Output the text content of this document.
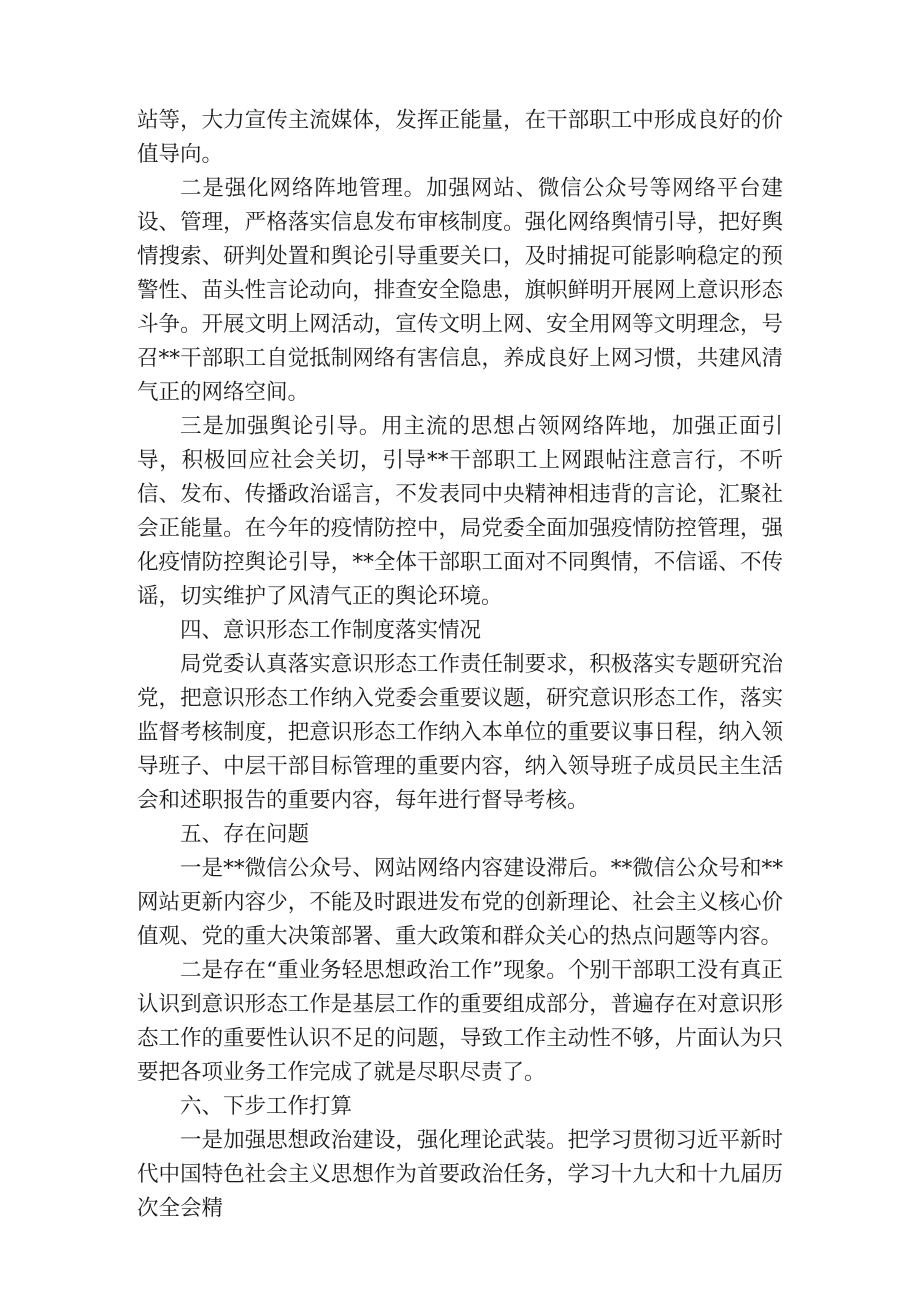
站等，大力宣传主流媒体，发挥正能量，在干部职工中形成良好的价值导向。

二是强化网络阵地管理。加强网站、微信公众号等网络平台建设、管理，严格落实信息发布审核制度。强化网络舆情引导，把好舆情搜索、研判处置和舆论引导重要关口，及时捕捉可能影响稳定的预警性、苗头性言论动向，排查安全隐患，旗帜鲜明开展网上意识形态斗争。开展文明上网活动，宣传文明上网、安全用网等文明理念，号召**干部职工自觉抵制网络有害信息，养成良好上网习惯，共建风清气正的网络空间。

三是加强舆论引导。用主流的思想占领网络阵地，加强正面引导，积极回应社会关切，引导**干部职工上网跟帖注意言行，不听信、发布、传播政治谣言，不发表同中央精神相违背的言论，汇聚社会正能量。在今年的疫情防控中，局党委全面加强疫情防控管理，强化疫情防控舆论引导，**全体干部职工面对不同舆情，不信谣、不传谣，切实维护了风清气正的舆论环境。

四、意识形态工作制度落实情况

局党委认真落实意识形态工作责任制要求，积极落实专题研究治党，把意识形态工作纳入党委会重要议题，研究意识形态工作，落实监督考核制度，把意识形态工作纳入本单位的重要议事日程，纳入领导班子、中层干部目标管理的重要内容，纳入领导班子成员民主生活会和述职报告的重要内容，每年进行督导考核。

五、存在问题

一是**微信公众号、网站网络内容建设滞后。**微信公众号和**网站更新内容少，不能及时跟进发布党的创新理论、社会主义核心价值观、党的重大决策部署、重大政策和群众关心的热点问题等内容。

二是存在“重业务轻思想政治工作”现象。个别干部职工没有真正认识到意识形态工作是基层工作的重要组成部分，普遍存在对意识形态工作的重要性认识不足的问题，导致工作主动性不够，片面认为只要把各项业务工作完成了就是尽职尽责了。

六、下步工作打算

一是加强思想政治建设，强化理论武装。把学习贯彻习近平新时代中国特色社会主义思想作为首要政治任务，学习十九大和十九届历次全会精
